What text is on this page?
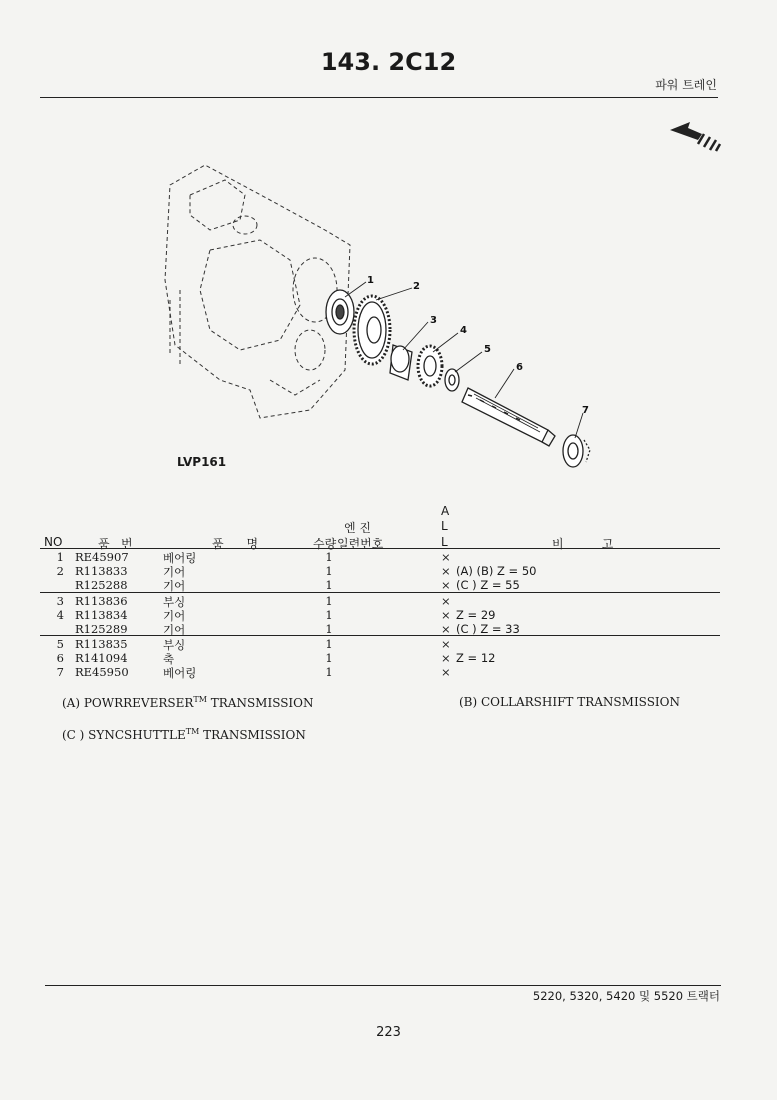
143. 2C12
파워 트레인
1
2
3
4
5
6
7
LVP161
A
엔 진	L
NO	품   번	품      명	수량 일련번호	L	비          고
1 RE45907	베어링	1	×
2 R113833	기어	1	× (A) (B) Z = 50
R125288	기어	1	× (C ) Z = 55
3 R113836	부싱	1	×
4 R113834	기어	1	× Z = 29
R125289	기어	1	× (C ) Z = 33
5 R113835	부싱	1	×
6 R141094	축	1	× Z = 12
7 RE45950	베어링	1	×
(A) POWRREVERSER™ TRANSMISSION	(B) COLLARSHIFT TRANSMISSION
(C ) SYNCSHUTTLE™ TRANSMISSION
5220, 5320, 5420 및 5520 트랙터
223
